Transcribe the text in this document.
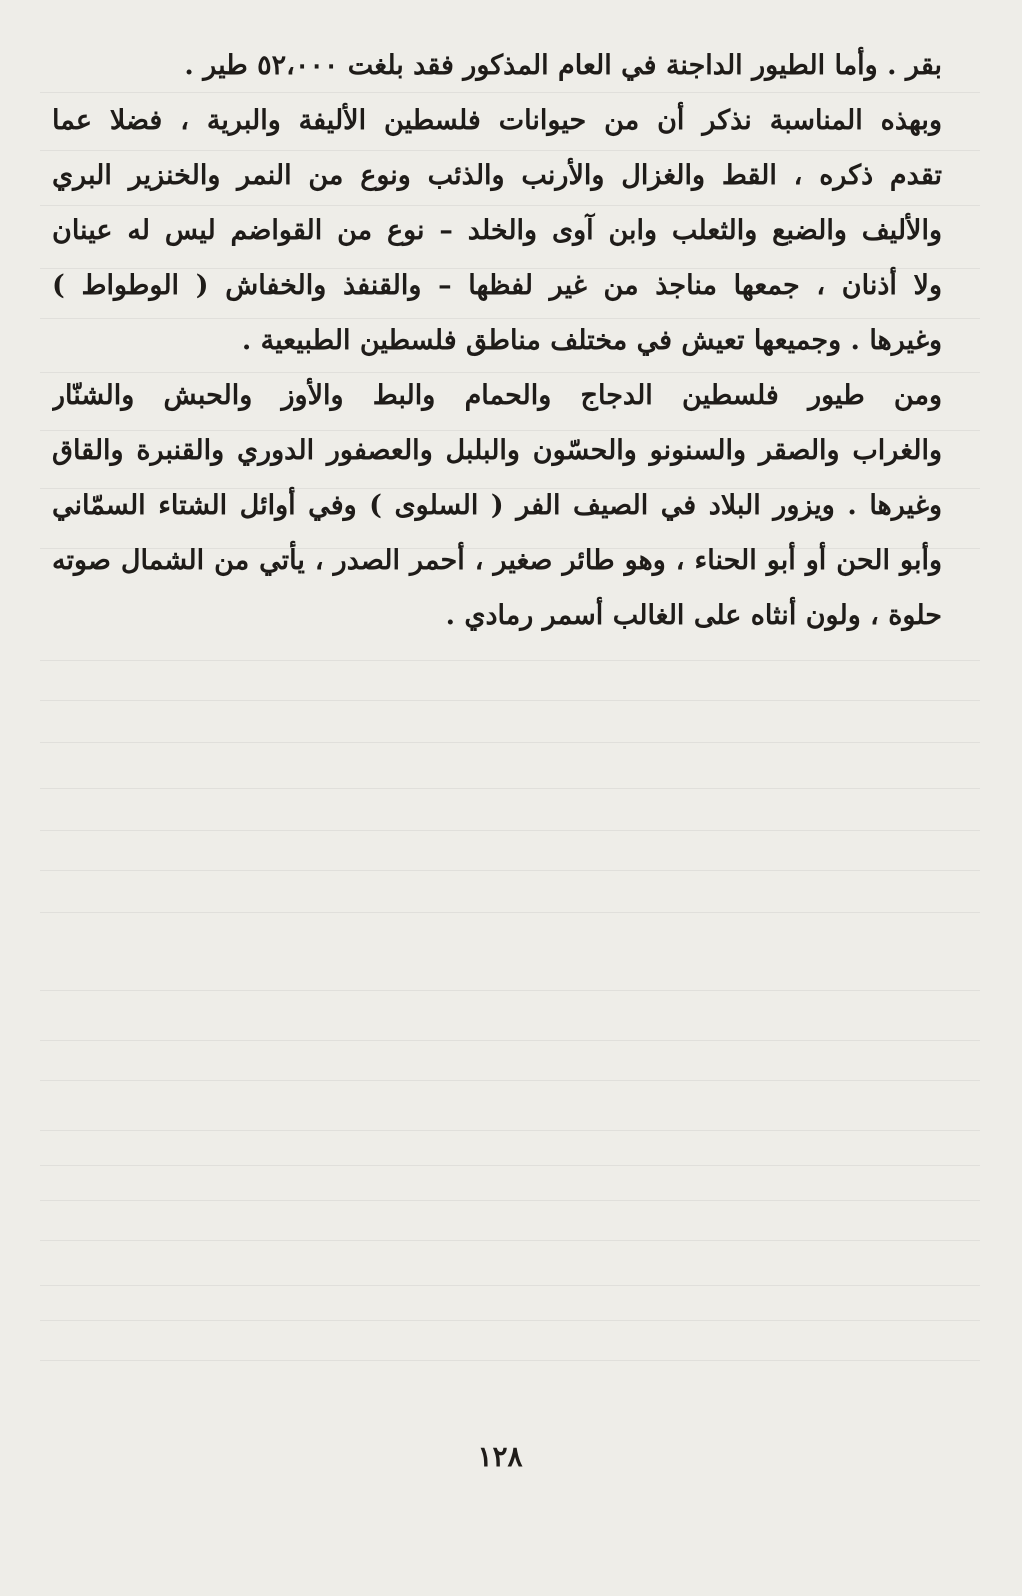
بقر . وأما الطيور الداجنة في العام المذكور فقد بلغت ٥٢،٠٠٠ طير .
وبهذه المناسبة نذكر أن من حيوانات فلسطين الأليفة والبرية ، فضلا عما
تقدم ذكره ، القط والغزال والأرنب والذئب ونوع من النمر والخنزير البري
والأليف والضبع والثعلب وابن آوى والخلد – نوع من القواضم ليس له عينان
ولا أذنان ، جمعها مناجذ من غير لفظها – والقنفذ والخفاش ( الوطواط )
وغيرها . وجميعها تعيش في مختلف مناطق فلسطين الطبيعية .
ومن طيور فلسطين الدجاج والحمام والبط والأوز والحبش والشنّار
والغراب والصقر والسنونو والحسّون والبلبل والعصفور الدوري والقنبرة والقاق
وغيرها . ويزور البلاد في الصيف الفر ( السلوى ) وفي أوائل الشتاء السمّاني
وأبو الحن أو أبو الحناء ، وهو طائر صغير ، أحمر الصدر ، يأتي من الشمال صوته
حلوة ، ولون أنثاه على الغالب أسمر رمادي .
١٢٨
